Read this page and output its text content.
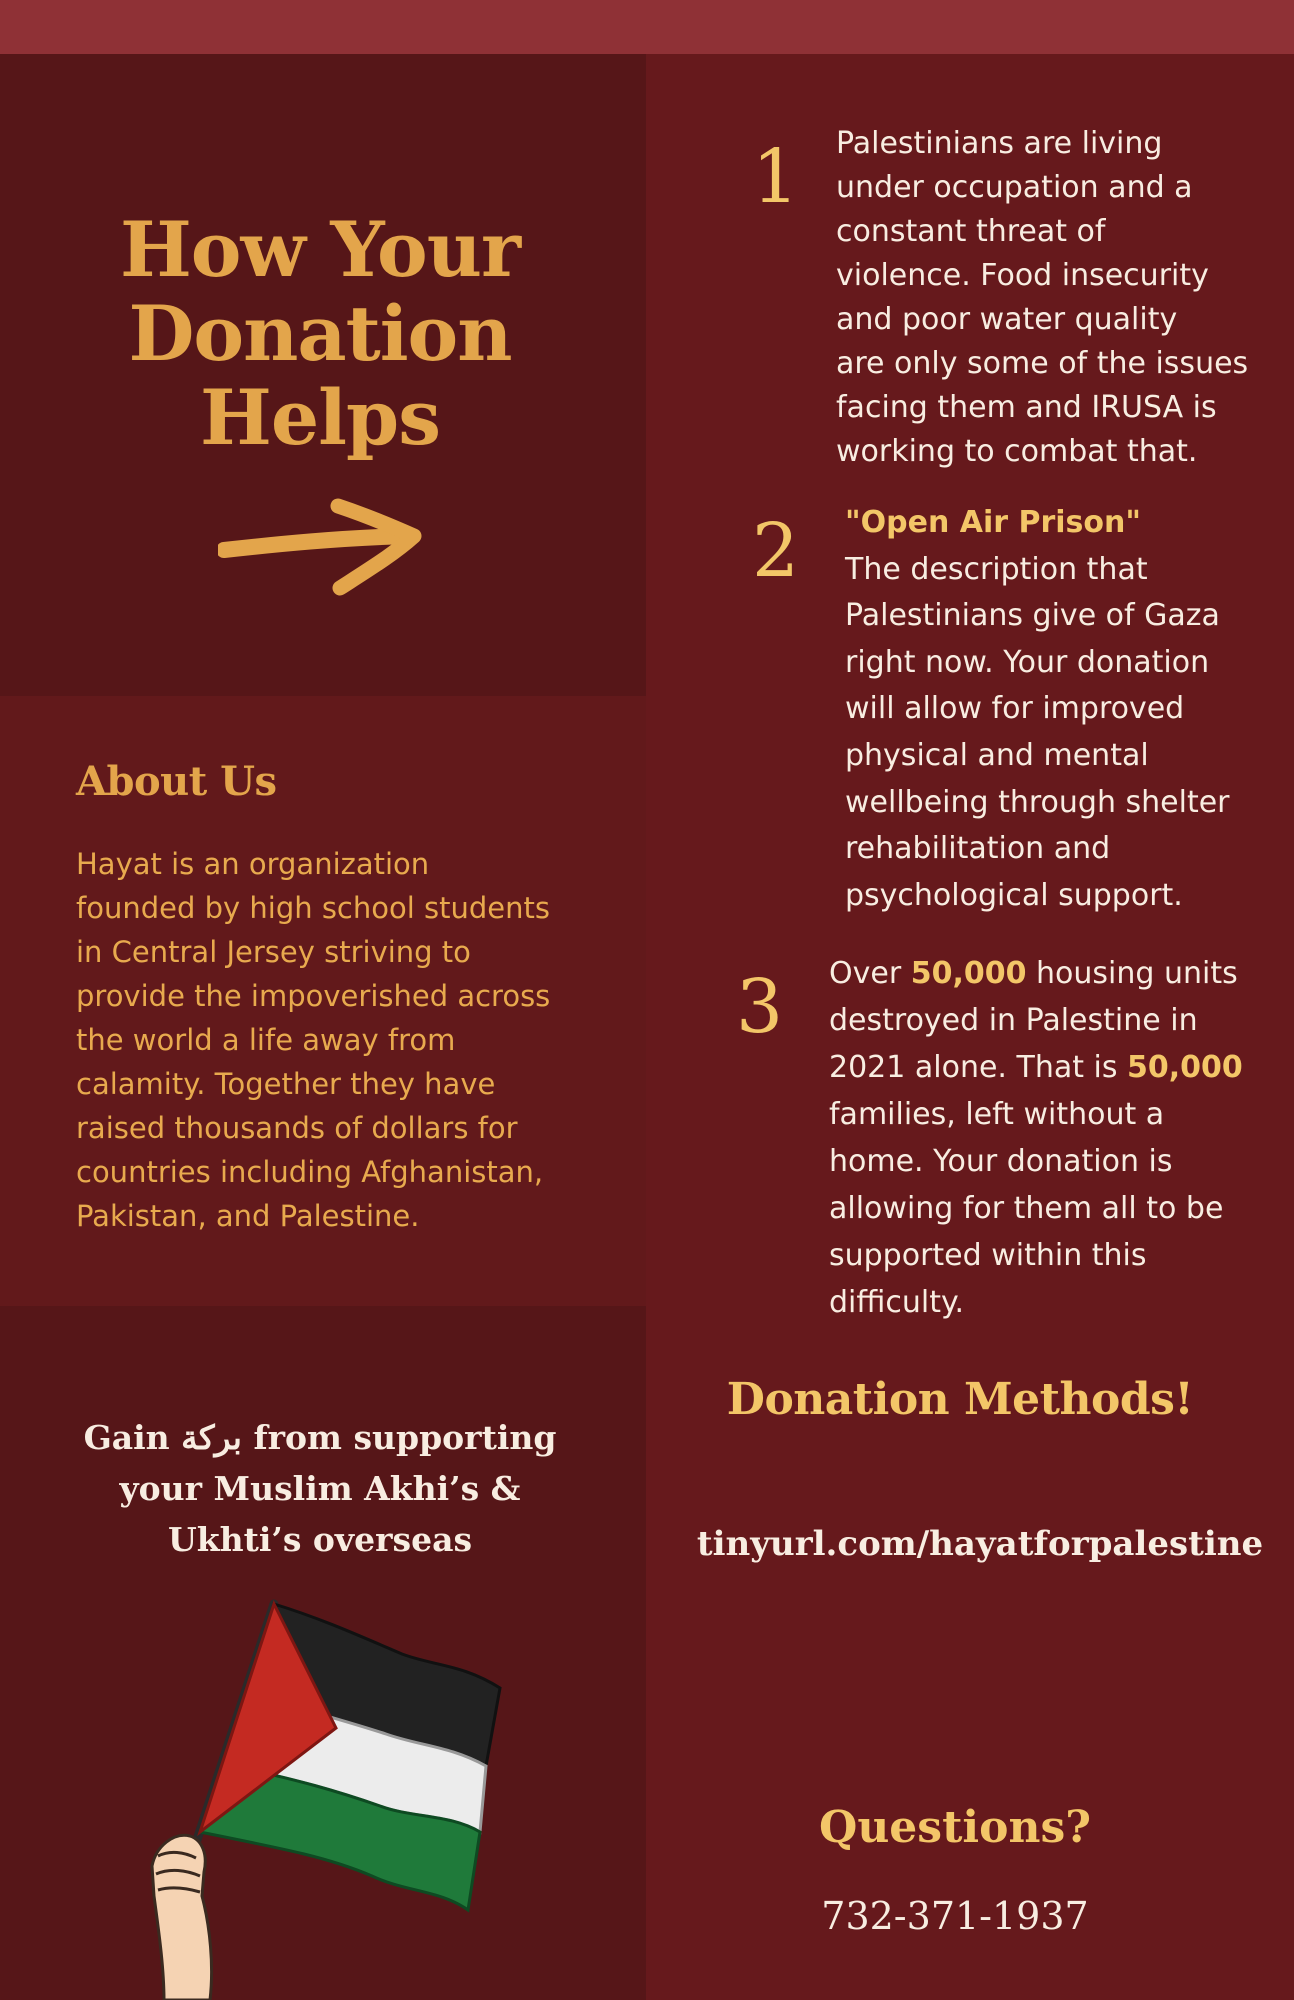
How Your
Donation
Helps
About Us
Hayat is an organization
founded by high school students
in Central Jersey striving to
provide the impoverished across
the world a life away from
calamity. Together they have
raised thousands of dollars for
countries including Afghanistan,
Pakistan, and Palestine.
Gain بركة from supporting
your Muslim Akhi’s &
Ukhti’s overseas
1 Palestinians are living
under occupation and a
constant threat of
violence. Food insecurity
and poor water quality
are only some of the issues
facing them and IRUSA is
working to combat that.
2 "Open Air Prison"
The description that
Palestinians give of Gaza
right now. Your donation
will allow for improved
physical and mental
wellbeing through shelter
rehabilitation and
psychological support.
3 Over 50,000 housing units
destroyed in Palestine in
2021 alone. That is 50,000
families, left without a
home. Your donation is
allowing for them all to be
supported within this
difficulty.
Donation Methods!
tinyurl.com/hayatforpalestine
Questions?
732-371-1937
